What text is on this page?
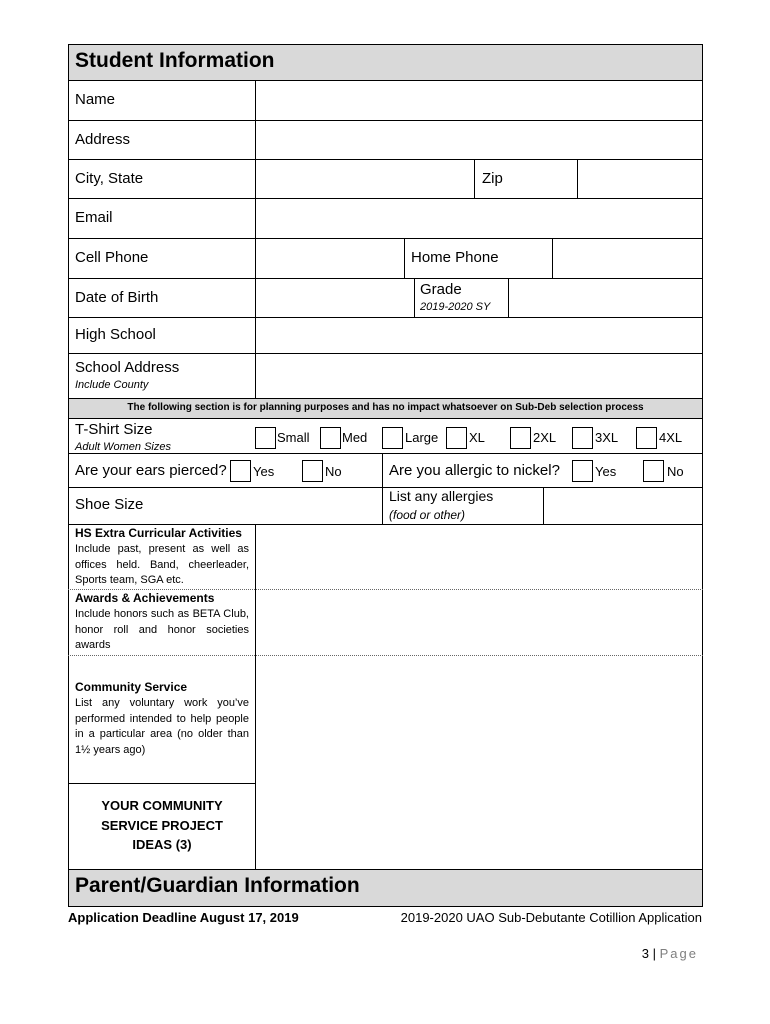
Student Information
Name
Address
City, State	Zip
Email
Cell Phone	Home Phone
Date of Birth	Grade
2019-2020 SY
High School
School Address
Include County
The following section is for planning purposes and has no impact whatsoever on Sub-Deb selection process
T-Shirt Size
Adult Women Sizes
Small Med	Large XL	2XL	3XL	4XL
Are your ears pierced? Yes	No	Are you allergic to nickel?	Yes	No
Shoe Size	List any allergies
(food or other)
HS Extra Curricular Activities
Include past, present as well as offices held. Band, cheerleader, Sports team, SGA etc.
Awards & Achievements
Include honors such as BETA Club, honor roll and honor societies awards
Community Service
List any voluntary work you’ve performed intended to help people in a particular area (no older than 1½ years ago)
YOUR COMMUNITY SERVICE PROJECT IDEAS (3)
Parent/Guardian Information
Application Deadline August 17, 2019	2019-2020 UAO Sub-Debutante Cotillion Application
3 | Page
